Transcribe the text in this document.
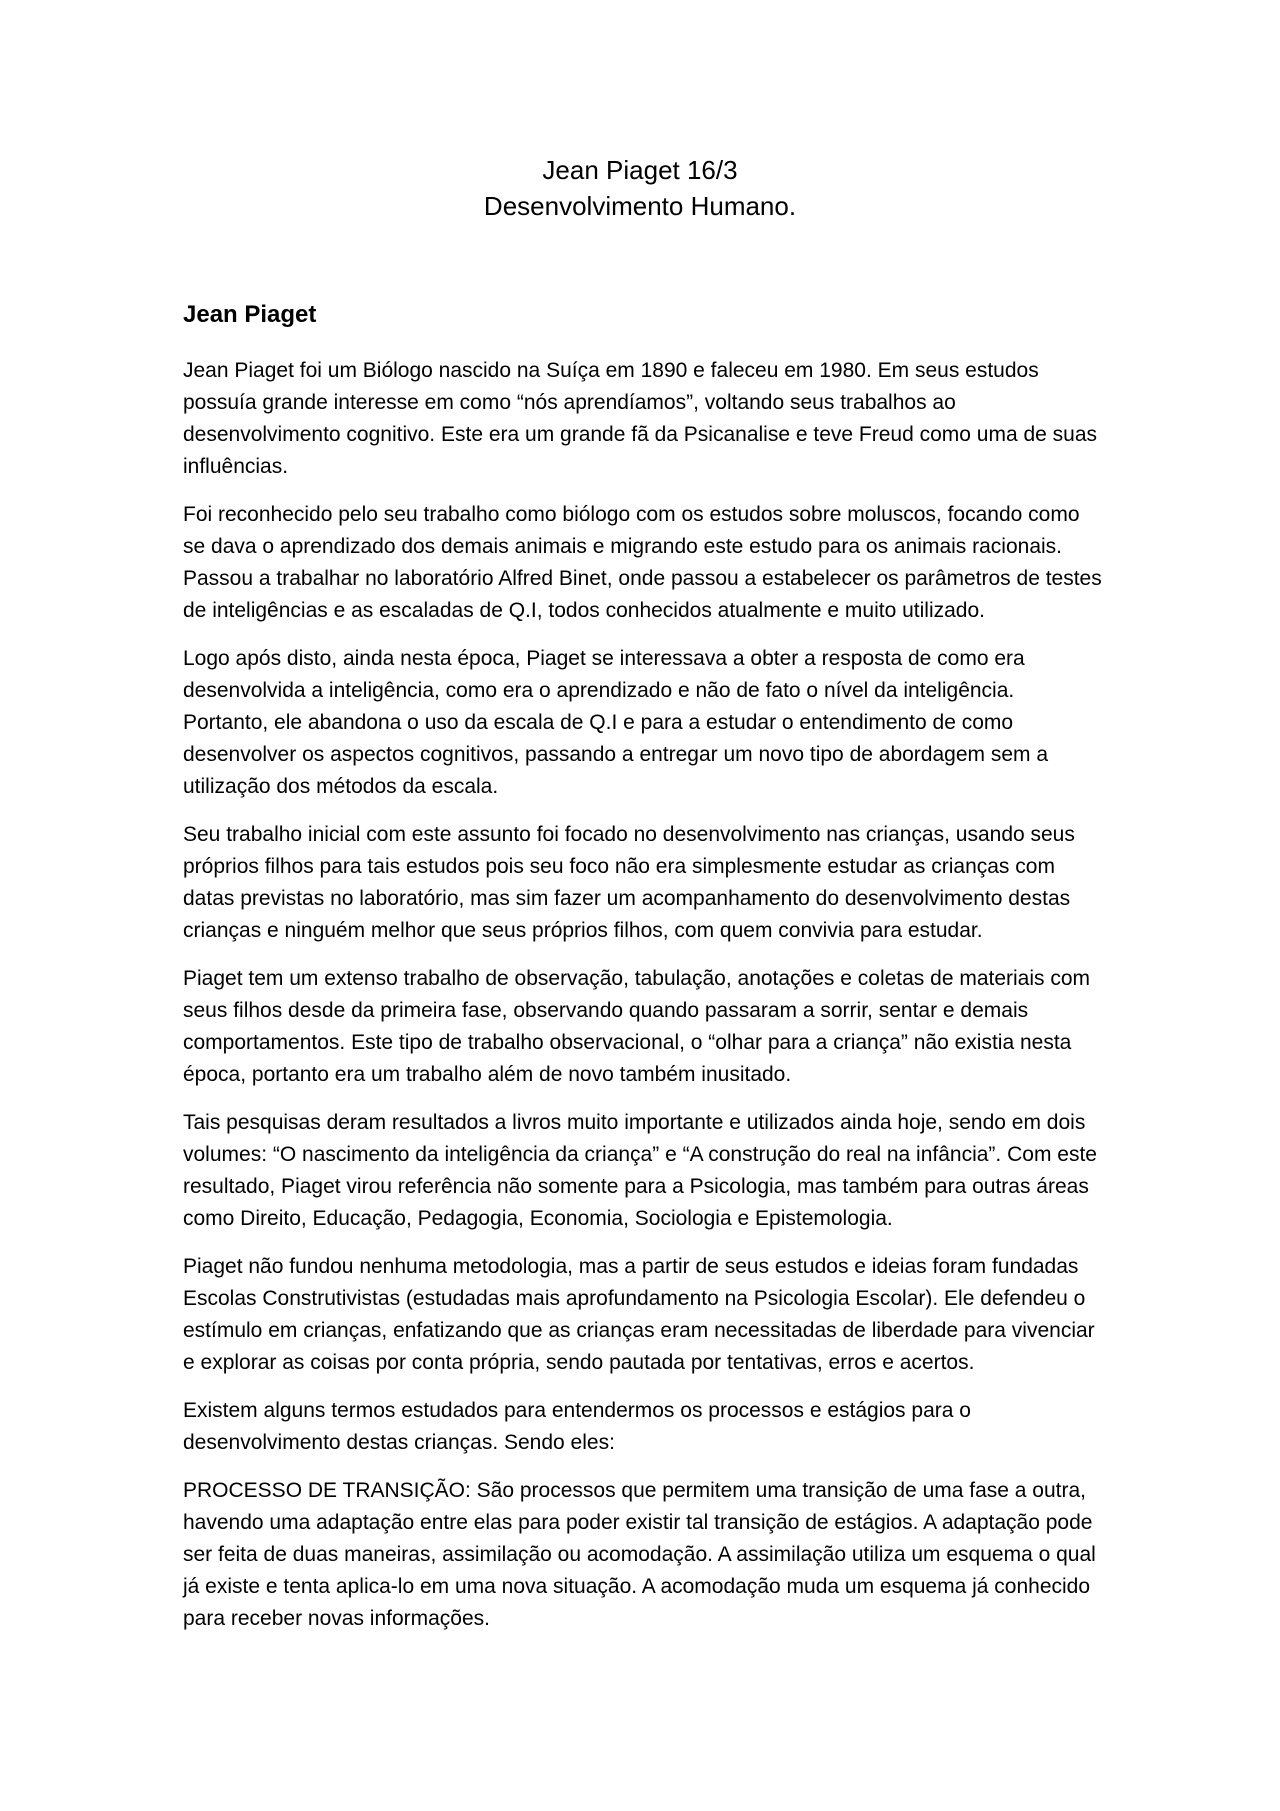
Jean Piaget 16/3
Desenvolvimento Humano.
Jean Piaget

Jean Piaget foi um Biólogo nascido na Suíça em 1890 e faleceu em 1980. Em seus estudos possuía grande interesse em como “nós aprendíamos”, voltando seus trabalhos ao desenvolvimento cognitivo. Este era um grande fã da Psicanalise e teve Freud como uma de suas influências.

Foi reconhecido pelo seu trabalho como biólogo com os estudos sobre moluscos, focando como se dava o aprendizado dos demais animais e migrando este estudo para os animais racionais. Passou a trabalhar no laboratório Alfred Binet, onde passou a estabelecer os parâmetros de testes de inteligências e as escaladas de Q.I, todos conhecidos atualmente e muito utilizado.

Logo após disto, ainda nesta época, Piaget se interessava a obter a resposta de como era desenvolvida a inteligência, como era o aprendizado e não de fato o nível da inteligência. Portanto, ele abandona o uso da escala de Q.I e para a estudar o entendimento de como desenvolver os aspectos cognitivos, passando a entregar um novo tipo de abordagem sem a utilização dos métodos da escala.

Seu trabalho inicial com este assunto foi focado no desenvolvimento nas crianças, usando seus próprios filhos para tais estudos pois seu foco não era simplesmente estudar as crianças com datas previstas no laboratório, mas sim fazer um acompanhamento do desenvolvimento destas crianças e ninguém melhor que seus próprios filhos, com quem convivia para estudar.

Piaget tem um extenso trabalho de observação, tabulação, anotações e coletas de materiais com seus filhos desde da primeira fase, observando quando passaram a sorrir, sentar e demais comportamentos. Este tipo de trabalho observacional, o “olhar para a criança” não existia nesta época, portanto era um trabalho além de novo também inusitado.

Tais pesquisas deram resultados a livros muito importante e utilizados ainda hoje, sendo em dois volumes: “O nascimento da inteligência da criança” e “A construção do real na infância”. Com este resultado, Piaget virou referência não somente para a Psicologia, mas também para outras áreas como Direito, Educação, Pedagogia, Economia, Sociologia e Epistemologia.

Piaget não fundou nenhuma metodologia, mas a partir de seus estudos e ideias foram fundadas Escolas Construtivistas (estudadas mais aprofundamento na Psicologia Escolar). Ele defendeu o estímulo em crianças, enfatizando que as crianças eram necessitadas de liberdade para vivenciar e explorar as coisas por conta própria, sendo pautada por tentativas, erros e acertos.

Existem alguns termos estudados para entendermos os processos e estágios para o desenvolvimento destas crianças. Sendo eles:

PROCESSO DE TRANSIÇÃO: São processos que permitem uma transição de uma fase a outra, havendo uma adaptação entre elas para poder existir tal transição de estágios. A adaptação pode ser feita de duas maneiras, assimilação ou acomodação. A assimilação utiliza um esquema o qual já existe e tenta aplica-lo em uma nova situação. A acomodação muda um esquema já conhecido para receber novas informações.
